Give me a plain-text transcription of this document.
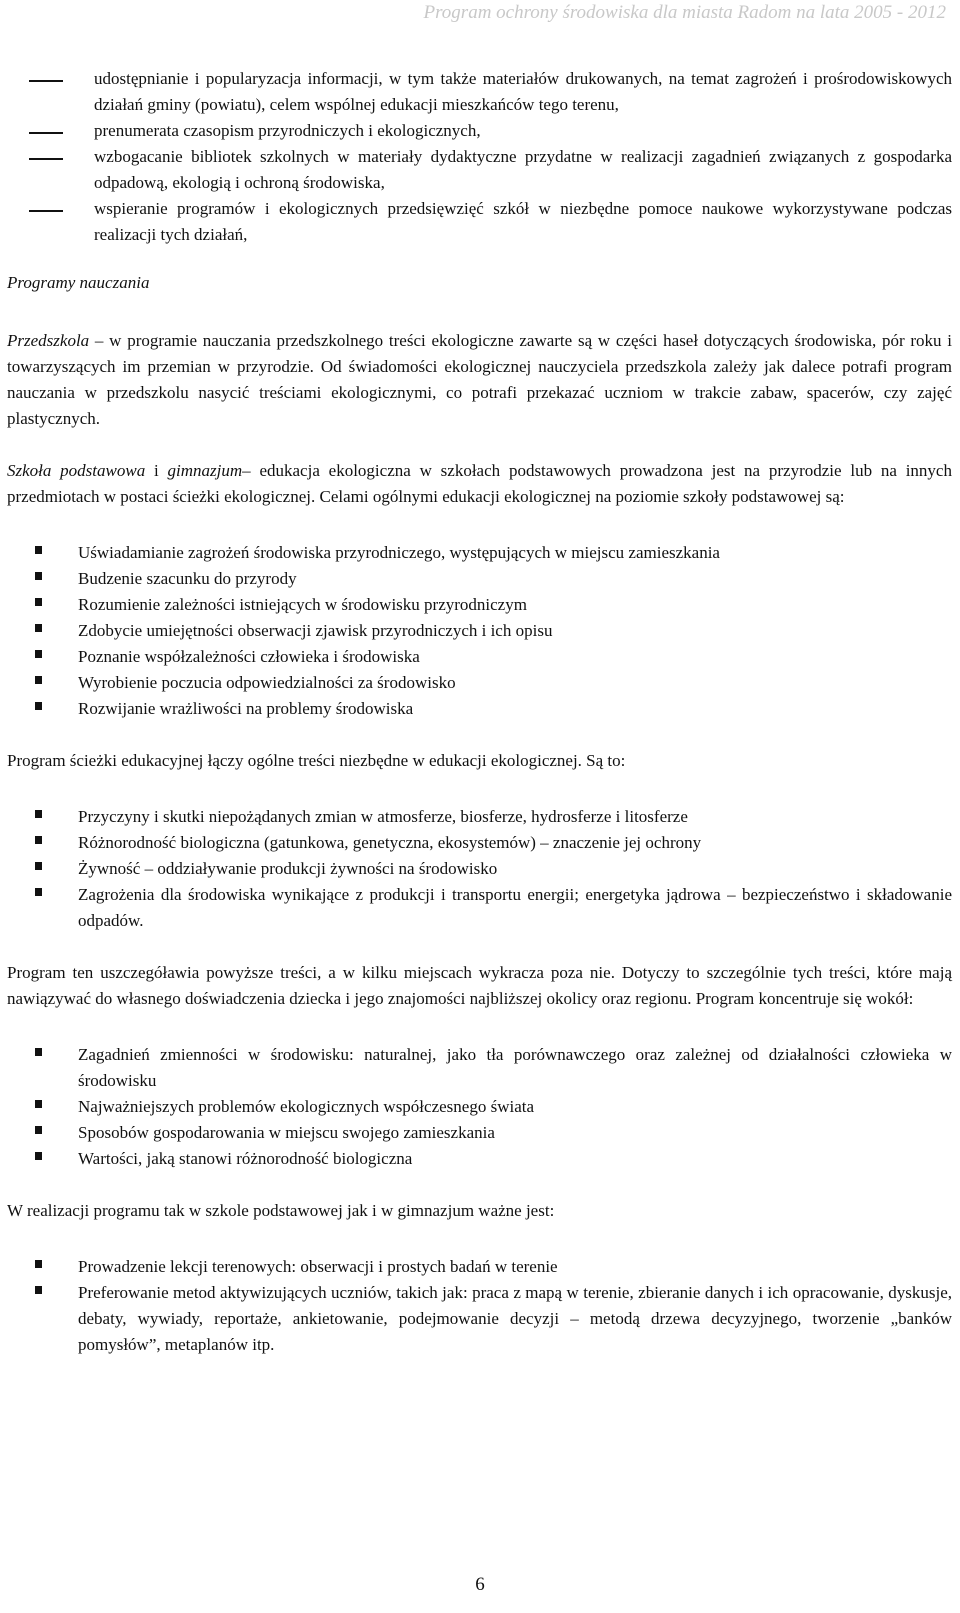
Program ochrony środowiska dla miasta Radom na lata 2005 - 2012
udostępnianie i popularyzacja informacji, w tym także materiałów drukowanych, na temat zagrożeń i prośrodowiskowych działań gminy (powiatu), celem wspólnej edukacji mieszkańców tego terenu,
prenumerata czasopism przyrodniczych i ekologicznych,
wzbogacanie bibliotek szkolnych w materiały dydaktyczne przydatne w realizacji zagadnień związanych z gospodarka odpadową, ekologią i ochroną środowiska,
wspieranie programów i ekologicznych przedsięwzięć szkół w niezbędne pomoce naukowe wykorzystywane podczas realizacji tych działań,

Programy nauczania

Przedszkola – w programie nauczania przedszkolnego treści ekologiczne zawarte są w części haseł dotyczących środowiska, pór roku i towarzyszących im przemian w przyrodzie. Od świadomości ekologicznej nauczyciela przedszkola zależy jak dalece potrafi program nauczania w przedszkolu nasycić treściami ekologicznymi, co potrafi przekazać uczniom w trakcie zabaw, spacerów, czy zajęć plastycznych.

Szkoła podstawowa i gimnazjum– edukacja ekologiczna w szkołach podstawowych prowadzona jest na przyrodzie lub na innych przedmiotach w postaci ścieżki ekologicznej. Celami ogólnymi edukacji ekologicznej na poziomie szkoły podstawowej są:

Uświadamianie zagrożeń środowiska przyrodniczego, występujących w miejscu zamieszkania
Budzenie szacunku do przyrody
Rozumienie zależności istniejących w środowisku przyrodniczym
Zdobycie umiejętności obserwacji zjawisk przyrodniczych i ich opisu
Poznanie współzależności człowieka i środowiska
Wyrobienie poczucia odpowiedzialności za środowisko
Rozwijanie wrażliwości na problemy środowiska

Program ścieżki edukacyjnej łączy ogólne treści niezbędne w edukacji ekologicznej. Są to:

Przyczyny i skutki niepożądanych zmian w atmosferze, biosferze, hydrosferze i litosferze
Różnorodność biologiczna (gatunkowa, genetyczna, ekosystemów) – znaczenie jej ochrony
Żywność – oddziaływanie produkcji żywności na środowisko
Zagrożenia dla środowiska wynikające z produkcji i transportu energii; energetyka jądrowa – bezpieczeństwo i składowanie odpadów.

Program ten uszczegóławia powyższe treści, a w kilku miejscach wykracza poza nie. Dotyczy to szczególnie tych treści, które mają nawiązywać do własnego doświadczenia dziecka i jego znajomości najbliższej okolicy oraz regionu. Program koncentruje się wokół:

Zagadnień zmienności w środowisku: naturalnej, jako tła porównawczego oraz zależnej od działalności człowieka w środowisku
Najważniejszych problemów ekologicznych współczesnego świata
Sposobów gospodarowania w miejscu swojego zamieszkania
Wartości, jaką stanowi różnorodność biologiczna

W realizacji programu tak w szkole podstawowej jak i w gimnazjum ważne jest:

Prowadzenie lekcji terenowych: obserwacji i prostych badań w terenie
Preferowanie metod aktywizujących uczniów, takich jak: praca z mapą w terenie, zbieranie danych i ich opracowanie, dyskusje, debaty, wywiady, reportaże, ankietowanie, podejmowanie decyzji – metodą drzewa decyzyjnego, tworzenie „banków pomysłów”, metaplanów itp.
6
